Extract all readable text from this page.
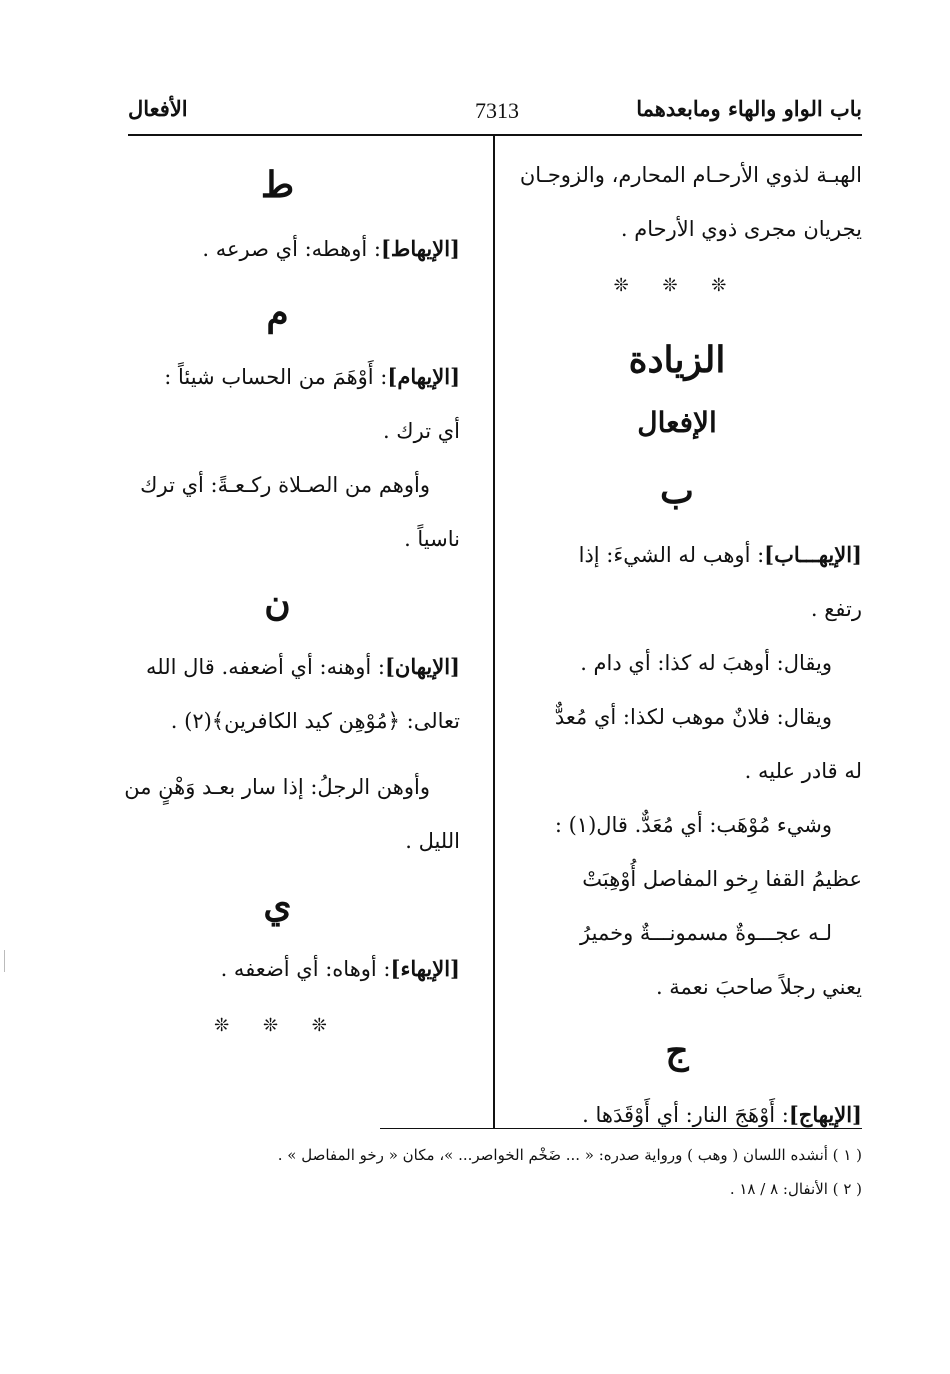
باب الواو والهاء ومابعدهما
7313
الأفعال
الهبـة لذوي الأرحـام المحارم، والزوجـان
يجريان مجرى ذوي الأرحام .
❊ ❊ ❊
الزيادة
الإفعال
ب
[الإيهـــاب]: أوهب له الشيءَ: إذا
رتفع .
ويقال: أوهبَ له كذا: أي دام .
ويقال: فلانٌ موهب لكذا: أي مُعدٌّ
له قادر عليه .
وشيء مُوْهَب: أي مُعَدٌّ. قال(١) :
عظيمُ القفا رِخو المفاصل أُوْهِبَتْ
لـه عجـــوةٌ مسمونـــةٌ وخميرُ
يعني رجلاً صاحبَ نعمة .
ج
[الإيهاج]: أَوْهَجَ النار: أي أَوْقَدَها .
ط
[الإيهاط]: أوهطه: أي صرعه .
م
[الإيهام]: أَوْهَمَ من الحساب شيئاً :
أي ترك .
وأوهم من الصـلاة ركـعـةً: أي ترك
ناسياً .
ن
[الإيهان]: أوهنه: أي أضعفه. قال الله
تعالى: ﴿مُوْهِن كيد الكافرين﴾(٢) .
وأوهن الرجلُ: إذا سار بعـد وَهْنٍ من
الليل .
ي
[الإيهاء]: أوهاه: أي أضعفه .
❊ ❊ ❊
( ١ ) أنشده اللسان ( وهب ) ورواية صدره: « ... ضَخْم الخواصر... »، مكان « رخو المفاصل » .
( ٢ ) الأنفال: ٨ / ١٨ .
